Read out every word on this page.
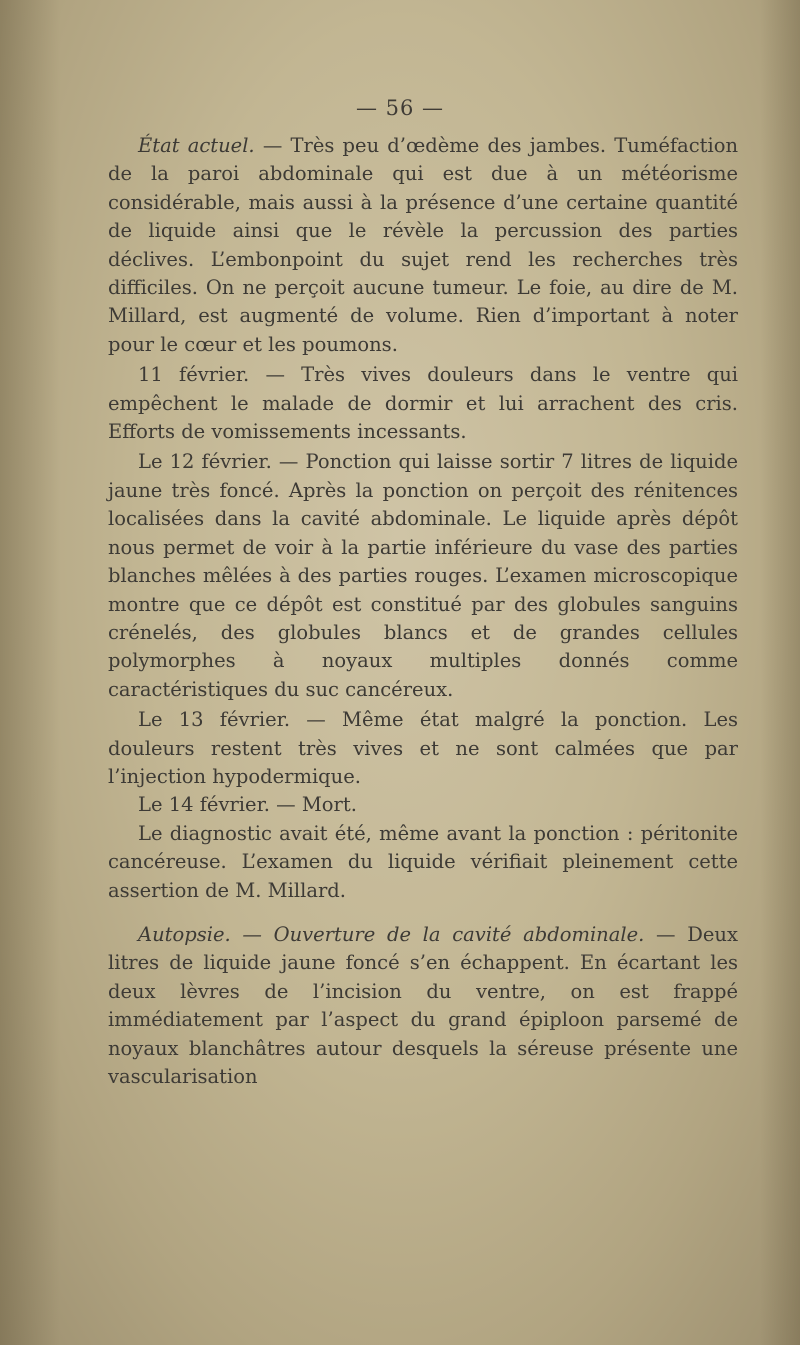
— 56 —

État actuel. — Très peu d’œdème des jambes. Tuméfaction de la paroi abdominale qui est due à un météorisme considérable, mais aussi à la présence d’une certaine quantité de liquide ainsi que le révèle la percussion des parties déclives. L’embonpoint du sujet rend les recherches très difficiles. On ne perçoit aucune tumeur. Le foie, au dire de M. Millard, est augmenté de volume. Rien d’important à noter pour le cœur et les poumons.

11 février. — Très vives douleurs dans le ventre qui empêchent le malade de dormir et lui arrachent des cris. Efforts de vomissements incessants.

Le 12 février. — Ponction qui laisse sortir 7 litres de liquide jaune très foncé. Après la ponction on perçoit des rénitences localisées dans la cavité abdominale. Le liquide après dépôt nous permet de voir à la partie inférieure du vase des parties blanches mêlées à des parties rouges. L’examen microscopique montre que ce dépôt est constitué par des globules sanguins crénelés, des globules blancs et de grandes cellules polymorphes à noyaux multiples donnés comme caractéristiques du suc cancéreux.

Le 13 février. — Même état malgré la ponction. Les douleurs restent très vives et ne sont calmées que par l’injection hypodermique.

Le 14 février. — Mort.

Le diagnostic avait été, même avant la ponction : péritonite cancéreuse. L’examen du liquide vérifiait pleinement cette assertion de M. Millard.

Autopsie. — Ouverture de la cavité abdominale. — Deux litres de liquide jaune foncé s’en échappent. En écartant les deux lèvres de l’incision du ventre, on est frappé immédiatement par l’aspect du grand épiploon parsemé de noyaux blanchâtres autour desquels la séreuse présente une vascularisation
